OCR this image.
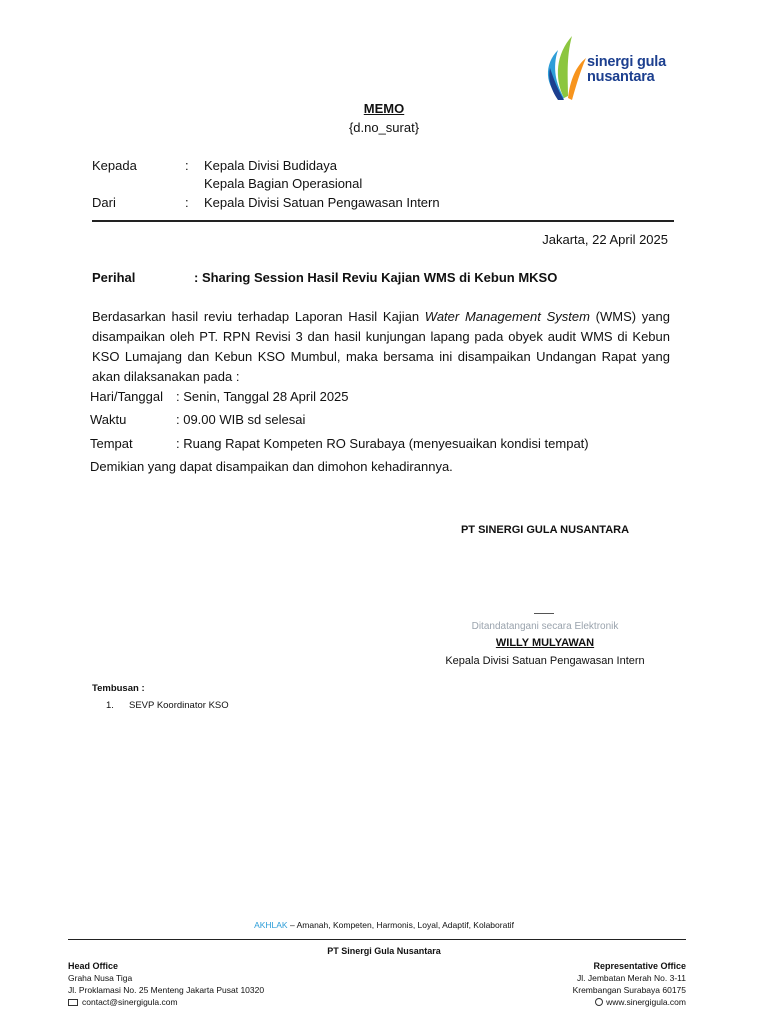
sinergi gula
nusantara
MEMO
{d.no_surat}
Kepada	: Kepala Divisi Budidaya
Kepala Bagian Operasional
Dari	: Kepala Divisi Satuan Pengawasan Intern
Jakarta, 22 April 2025
Perihal	: Sharing Session Hasil Reviu Kajian WMS di Kebun MKSO
Berdasarkan hasil reviu terhadap Laporan Hasil Kajian Water Management System (WMS) yang disampaikan oleh PT. RPN Revisi 3 dan hasil kunjungan lapang pada obyek audit WMS di Kebun KSO Lumajang dan Kebun KSO Mumbul, maka bersama ini disampaikan Undangan Rapat yang akan dilaksanakan pada :
Hari/Tanggal : Senin, Tanggal 28 April 2025
Waktu	: 09.00 WIB sd selesai
Tempat	: Ruang Rapat Kompeten RO Surabaya (menyesuaikan kondisi tempat)
Demikian yang dapat disampaikan dan dimohon kehadirannya.
PT SINERGI GULA NUSANTARA
Ditandatangani secara Elektronik
WILLY MULYAWAN
Kepala Divisi Satuan Pengawasan Intern
Tembusan :
1. SEVP Koordinator KSO
AKHLAK – Amanah, Kompeten, Harmonis, Loyal, Adaptif, Kolaboratif
PT Sinergi Gula Nusantara
Head Office
Graha Nusa Tiga
Jl. Proklamasi No. 25 Menteng Jakarta Pusat 10320
contact@sinergigula.com
Representative Office
Jl. Jembatan Merah No. 3-11
Krembangan Surabaya 60175
www.sinergigula.com
